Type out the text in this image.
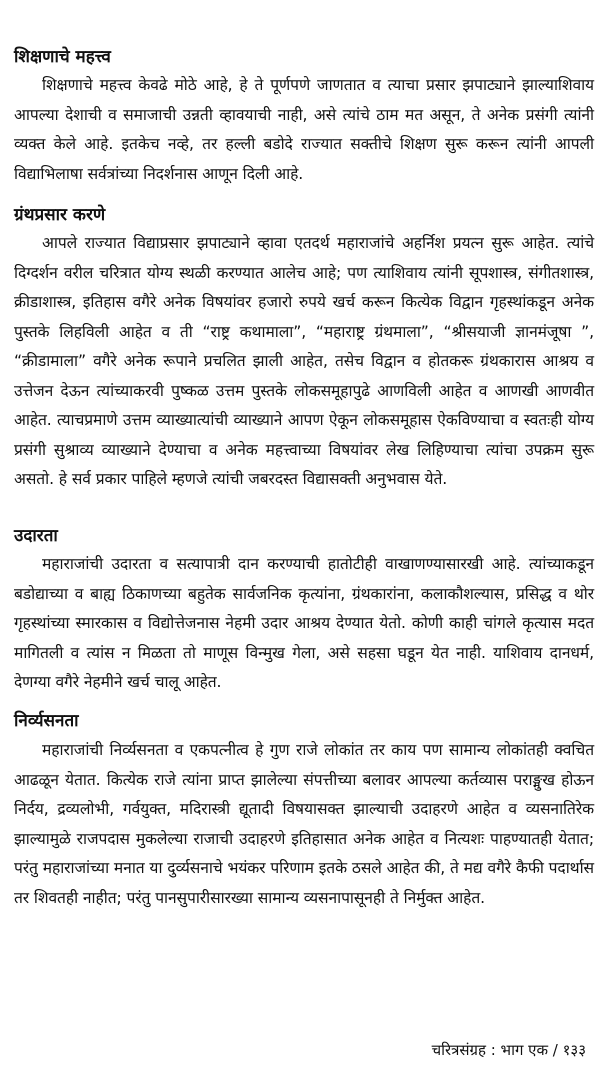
शिक्षणाचे महत्त्व

शिक्षणाचे महत्त्व केवढे मोठे आहे, हे ते पूर्णपणे जाणतात व त्याचा प्रसार झपाट्याने झाल्याशिवाय आपल्या देशाची व समाजाची उन्नती व्हावयाची नाही, असे त्यांचे ठाम मत असून, ते अनेक प्रसंगी त्यांनी व्यक्त केले आहे. इतकेच नव्हे, तर हल्ली बडोदे राज्यात सक्तीचे शिक्षण सुरू करून त्यांनी आपली विद्याभिलाषा सर्वत्रांच्या निदर्शनास आणून दिली आहे.

ग्रंथप्रसार करणे

आपले राज्यात विद्याप्रसार झपाट्याने व्हावा एतदर्थ महाराजांचे अहर्निश प्रयत्न सुरू आहेत. त्यांचे दिग्दर्शन वरील चरित्रात योग्य स्थळी करण्यात आलेच आहे; पण त्याशिवाय त्यांनी सूपशास्त्र, संगीतशास्त्र, क्रीडाशास्त्र, इतिहास वगैरे अनेक विषयांवर हजारो रुपये खर्च करून कित्येक विद्वान गृहस्थांकडून अनेक पुस्तके लिहविली आहेत व ती “राष्ट्र कथामाला”, “महाराष्ट्र ग्रंथमाला”, “श्रीसयाजी ज्ञानमंजूषा ”, “क्रीडामाला” वगैरे अनेक रूपाने प्रचलित झाली आहेत, तसेच विद्वान व होतकरू ग्रंथकारास आश्रय व उत्तेजन देऊन त्यांच्याकरवी पुष्कळ उत्तम पुस्तके लोकसमूहापुढे आणविली आहेत व आणखी आणवीत आहेत. त्याचप्रमाणे उत्तम व्याख्यात्यांची व्याख्याने आपण ऐकून लोकसमूहास ऐकविण्याचा व स्वतःही योग्य प्रसंगी सुश्राव्य व्याख्याने देण्याचा व अनेक महत्त्वाच्या विषयांवर लेख लिहिण्याचा त्यांचा उपक्रम सुरू असतो. हे सर्व प्रकार पाहिले म्हणजे त्यांची जबरदस्त विद्यासक्ती अनुभवास येते.

उदारता

महाराजांची उदारता व सत्यापात्री दान करण्याची हातोटीही वाखाणण्यासारखी आहे. त्यांच्याकडून बडोद्याच्या व बाह्य ठिकाणच्या बहुतेक सार्वजनिक कृत्यांना, ग्रंथकारांना, कलाकौशल्यास, प्रसिद्ध व थोर गृहस्थांच्या स्मारकास व विद्योत्तेजनास नेहमी उदार आश्रय देण्यात येतो. कोणी काही चांगले कृत्यास मदत मागितली व त्यांस न मिळता तो माणूस विन्मुख गेला, असे सहसा घडून येत नाही. याशिवाय दानधर्म, देणग्या वगैरे नेहमीने खर्च चालू आहेत.

निर्व्यसनता

महाराजांची निर्व्यसनता व एकपत्नीत्व हे गुण राजे लोकांत तर काय पण सामान्य लोकांतही क्वचित आढळून येतात. कित्येक राजे त्यांना प्राप्त झालेल्या संपत्तीच्या बलावर आपल्या कर्तव्यास पराङ्मुख होऊन निर्दय, द्रव्यलोभी, गर्वयुक्त, मदिरास्त्री द्यूतादी विषयासक्त झाल्याची उदाहरणे आहेत व व्यसनातिरेक झाल्यामुळे राजपदास मुकलेल्या राजाची उदाहरणे इतिहासात अनेक आहेत व नित्यशः पाहण्यातही येतात; परंतु महाराजांच्या मनात या दुर्व्यसनाचे भयंकर परिणाम इतके ठसले आहेत की, ते मद्य वगैरे कैफी पदार्थास तर शिवतही नाहीत; परंतु पानसुपारीसारख्या सामान्य व्यसनापासूनही ते निर्मुक्त आहेत.

चरित्रसंग्रह : भाग एक / १३३
